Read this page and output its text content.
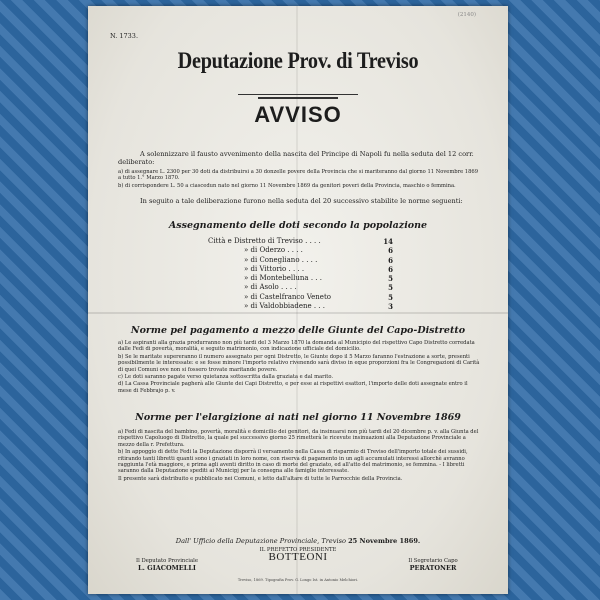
N. 1733.
(2140)
Deputazione Prov. di Treviso
AVVISO
A solennizzare il fausto avvenimento della nascita del Principe di Napoli fu nella seduta del 12 corr. deliberato:
a) di assegnare L. 2300 per 30 doti da distribuirsi a 30 donzelle povere della Provincia che si mariteranno dal giorno 11 Novembre 1869 a tutto 1.° Marzo 1870.
b) di corrispondere L. 50 a ciascedun nato nel giorno 11 Novembre 1869 da genitori poveri della Provincia, maschio o femmina.
In seguito a tale deliberazione furono nella seduta del 20 successivo stabilite le norme seguenti:
Assegnamento delle doti secondo la popolazione
Città e Distretto di Treviso . . . .	14
» di Oderzo . . . .	6
» di Conegliano . . . .	6
» di Vittorio . . . .	6
» di Montebelluna . . .	5
» di Asolo . . . .	5
» di Castelfranco Veneto	5
» di Valdobbiadene . . .	3
Norme pel pagamento a mezzo delle Giunte del Capo-Distretto
a) Le aspiranti alla grazia produrranno non più tardi del 3 Marzo 1870 la domanda al Municipio del rispettivo Capo Distretto corredata dalle Fedi di povertà, moralità, e seguito matrimonio, con indicazione ufficiale del domicilio.
b) Se le maritate supereranno il numero assegnato per ogni Distretto, le Giunte dopo il 5 Marzo faranno l'estrazione a sorte, presenti possibilmente le interessate: e se fosse minore l'importo relativo rivenendo sarà diviso in eque proporzioni fra le Congregazioni di Carità di quei Comuni ove non si fossero trovate maritande povere.
c) Le doti saranno pagate verso quietanza sottoscritta dalla graziata e dal marito.
d) La Cassa Provinciale pagherà alle Giunte dei Capi Distretto, e per esse ai rispettivi esattori, l'importo delle doti assegnate entro il mese di Febbrajo p. v.
Norme per l'elargizione ai nati nel giorno 11 Novembre 1869
a) Fedi di nascita del bambino, povertà, moralità e domicilio dei genitori, da insinuarsi non più tardi del 20 dicembre p. v. alla Giunta del rispettivo Capoluogo di Distretto, la quale pel successivo giorno 25 rimetterà le ricevute insinuazioni alla Deputazione Provinciale a mezzo della r. Prefettura.
b) In appoggio di dette Fedi la Deputazione disporrà il versamento nella Cassa di risparmio di Treviso dell'importo totale dei sussidi, ritirando tanti libretti quanti sono i graziati in loro nome, con riserva di pagamento in un agli accumulati interessi allorchè avranno raggiunta l'età maggiore, e prima agli aventi diritto in caso di morte del graziato, ed all'atto del matrimonio, se femmina. - I libretti saranno dalla Deputazione spediti ai Municipj per la consegna alle famiglie interessate.
Il presente sarà distribuito e pubblicato nei Comuni, e letto dall'altare di tutte le Parrocchie della Provincia.
Dall' Ufficio della Deputazione Provinciale, Treviso 25 Novembre 1869.
Il Deputato Provinciale
L. GIACOMELLI
IL PREFETTO PRESIDENTE
BOTTEONI	Il Segretario Capo
PERATONER
Treviso, 1869. Tipografia Prov. G. Longo Ist. in Antonio Melchiori.
